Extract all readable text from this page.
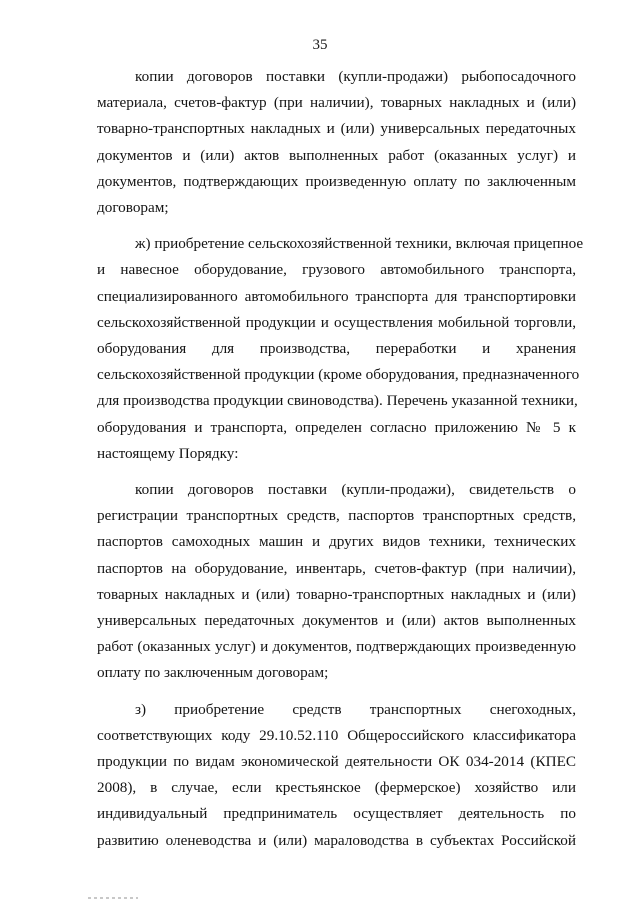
35

копии договоров поставки (купли-продажи) рыбопосадочного
материала, счетов-фактур (при наличии), товарных накладных и (или)
товарно-транспортных накладных и (или) универсальных передаточных
документов и (или) актов выполненных работ (оказанных услуг) и
документов, подтверждающих произведенную оплату по заключенным
договорам;

ж) приобретение сельскохозяйственной техники, включая прицепное
и навесное оборудование, грузового автомобильного транспорта,
специализированного автомобильного транспорта для транспортировки
сельскохозяйственной продукции и осуществления мобильной торговли,
оборудования для производства, переработки и хранения
сельскохозяйственной продукции (кроме оборудования, предназначенного
для производства продукции свиноводства). Перечень указанной техники,
оборудования и транспорта, определен согласно приложению № 5 к
настоящему Порядку:

копии договоров поставки (купли-продажи), свидетельств о
регистрации транспортных средств, паспортов транспортных средств,
паспортов самоходных машин и других видов техники, технических
паспортов на оборудование, инвентарь, счетов-фактур (при наличии),
товарных накладных и (или) товарно-транспортных накладных и (или)
универсальных передаточных документов и (или) актов выполненных
работ (оказанных услуг) и документов, подтверждающих произведенную
оплату по заключенным договорам;

з) приобретение средств транспортных снегоходных,
соответствующих коду 29.10.52.110 Общероссийского классификатора
продукции по видам экономической деятельности ОК 034-2014 (КПЕС
2008), в случае, если крестьянское (фермерское) хозяйство или
индивидуальный предприниматель осуществляет деятельность по
развитию оленеводства и (или) мараловодства в субъектах Российской
